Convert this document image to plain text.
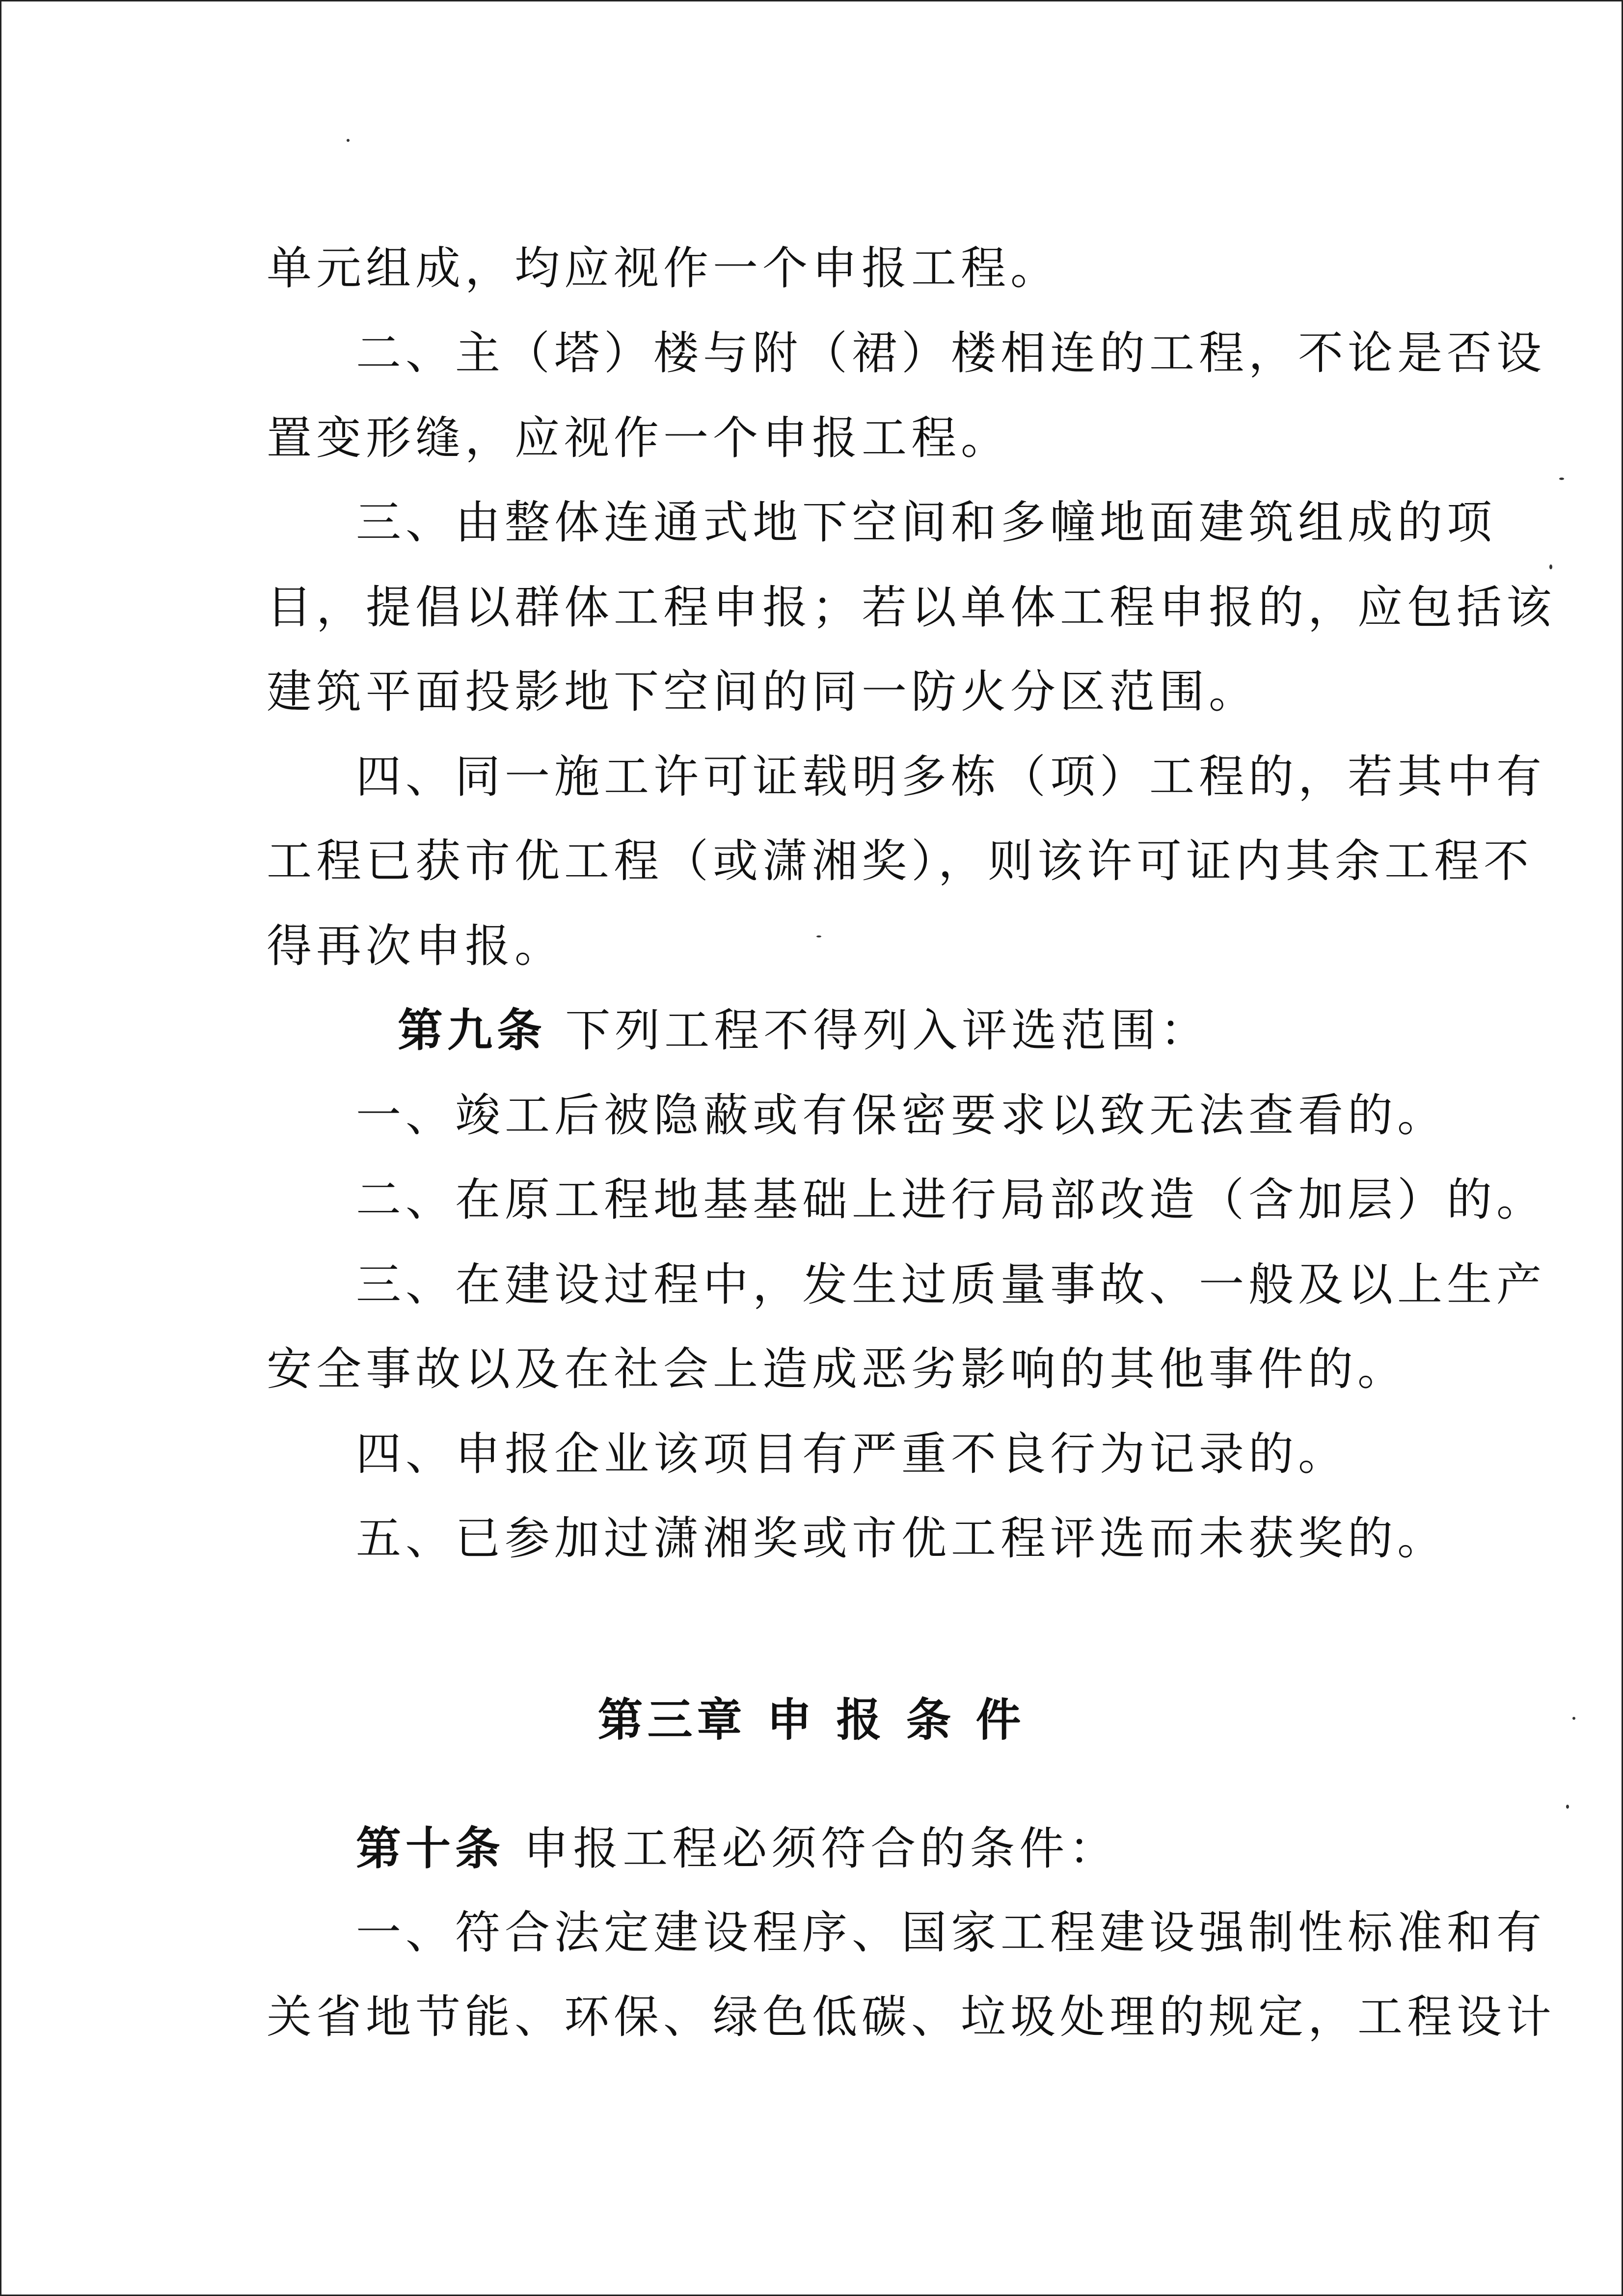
单元组成，均应视作一个申报工程。
二、主（塔）楼与附（裙）楼相连的工程，不论是否设
置变形缝，应视作一个申报工程。
三、由整体连通式地下空间和多幢地面建筑组成的项
目，提倡以群体工程申报；若以单体工程申报的，应包括该
建筑平面投影地下空间的同一防火分区范围。
四、同一施工许可证载明多栋（项）工程的，若其中有
工程已获市优工程（或潇湘奖），则该许可证内其余工程不
得再次申报。
第九条 下列工程不得列入评选范围：
一、竣工后被隐蔽或有保密要求以致无法查看的。
二、在原工程地基基础上进行局部改造（含加层）的。
三、在建设过程中，发生过质量事故、一般及以上生产
安全事故以及在社会上造成恶劣影响的其他事件的。
四、申报企业该项目有严重不良行为记录的。
五、已参加过潇湘奖或市优工程评选而未获奖的。
第三章 申 报 条 件
第十条 申报工程必须符合的条件：
一、符合法定建设程序、国家工程建设强制性标准和有
关省地节能、环保、绿色低碳、垃圾处理的规定，工程设计
